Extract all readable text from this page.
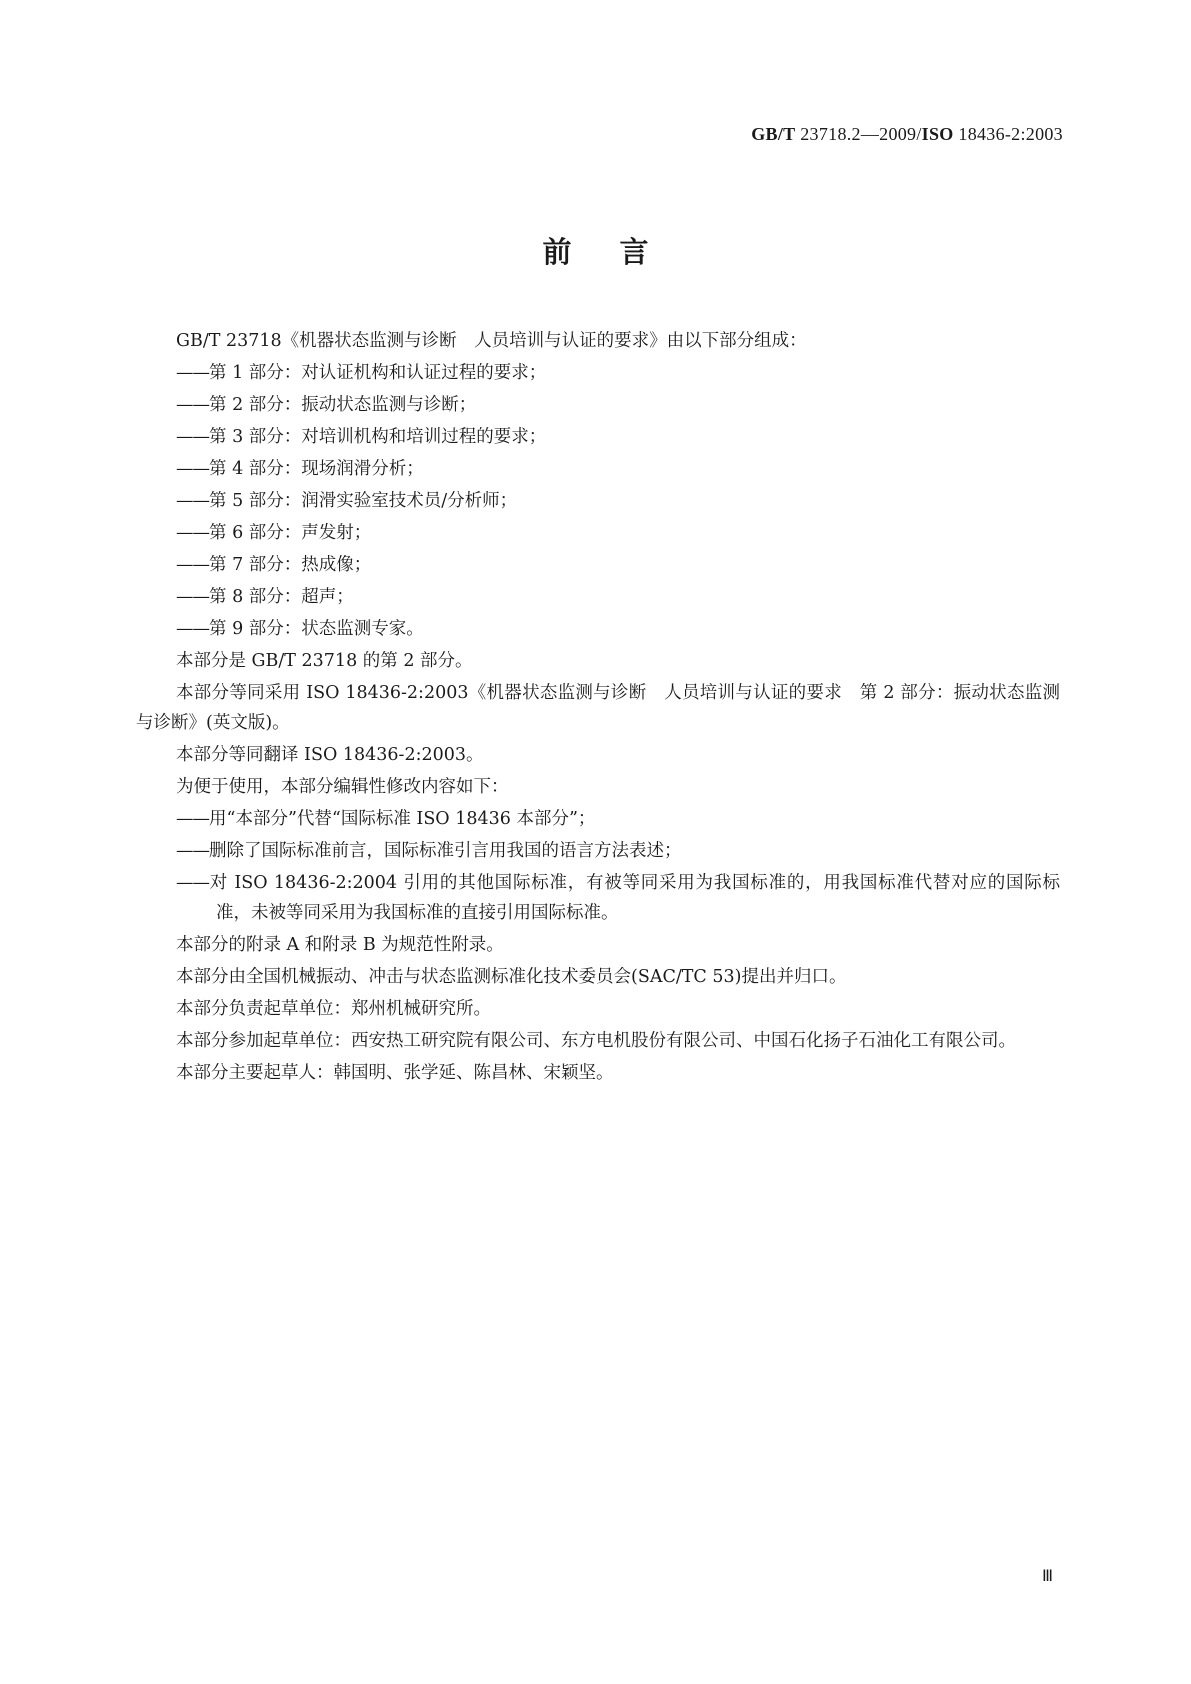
GB/T 23718.2—2009/ISO 18436-2:2003
前言

GB/T 23718《机器状态监测与诊断　人员培训与认证的要求》由以下部分组成：

——第 1 部分：对认证机构和认证过程的要求；

——第 2 部分：振动状态监测与诊断；

——第 3 部分：对培训机构和培训过程的要求；

——第 4 部分：现场润滑分析；

——第 5 部分：润滑实验室技术员/分析师；

——第 6 部分：声发射；

——第 7 部分：热成像；

——第 8 部分：超声；

——第 9 部分：状态监测专家。

本部分是 GB/T 23718 的第 2 部分。

本部分等同采用 ISO 18436-2:2003《机器状态监测与诊断　人员培训与认证的要求　第 2 部分：振动状态监测与诊断》(英文版)。

本部分等同翻译 ISO 18436-2:2003。

为便于使用，本部分编辑性修改内容如下：

——用“本部分”代替“国际标准 ISO 18436 本部分”；

——删除了国际标准前言，国际标准引言用我国的语言方法表述；

——对 ISO 18436-2:2004 引用的其他国际标准，有被等同采用为我国标准的，用我国标准代替对应的国际标准，未被等同采用为我国标准的直接引用国际标准。

本部分的附录 A 和附录 B 为规范性附录。

本部分由全国机械振动、冲击与状态监测标准化技术委员会(SAC/TC 53)提出并归口。

本部分负责起草单位：郑州机械研究所。

本部分参加起草单位：西安热工研究院有限公司、东方电机股份有限公司、中国石化扬子石油化工有限公司。

本部分主要起草人：韩国明、张学延、陈昌林、宋颖坚。

Ⅲ
